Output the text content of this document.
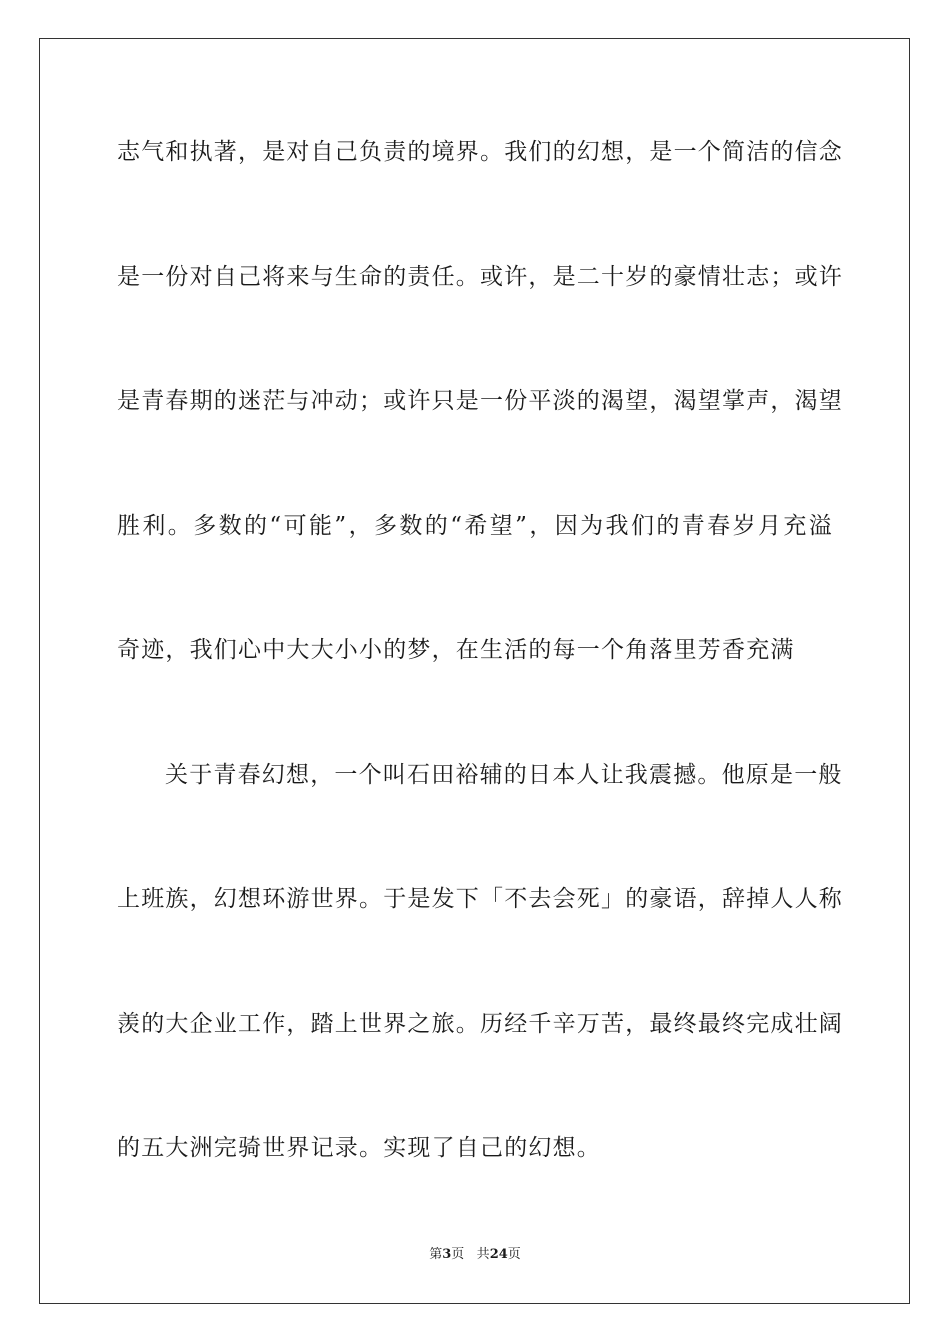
志气和执著，是对自己负责的境界。我们的幻想，是一个简洁的信念
是一份对自己将来与生命的责任。或许，是二十岁的豪情壮志；或许
是青春期的迷茫与冲动；或许只是一份平淡的渴望，渴望掌声，渴望
胜利。多数的“可能”，多数的“希望”，因为我们的青春岁月充溢
奇迹，我们心中大大小小的梦，在生活的每一个角落里芳香充满
关于青春幻想，一个叫石田裕辅的日本人让我震撼。他原是一般
上班族，幻想环游世界。于是发下「不去会死」的豪语，辞掉人人称
羡的大企业工作，踏上世界之旅。历经千辛万苦，最终最终完成壮阔
的五大洲完骑世界记录。实现了自己的幻想。
第3页 共24页
